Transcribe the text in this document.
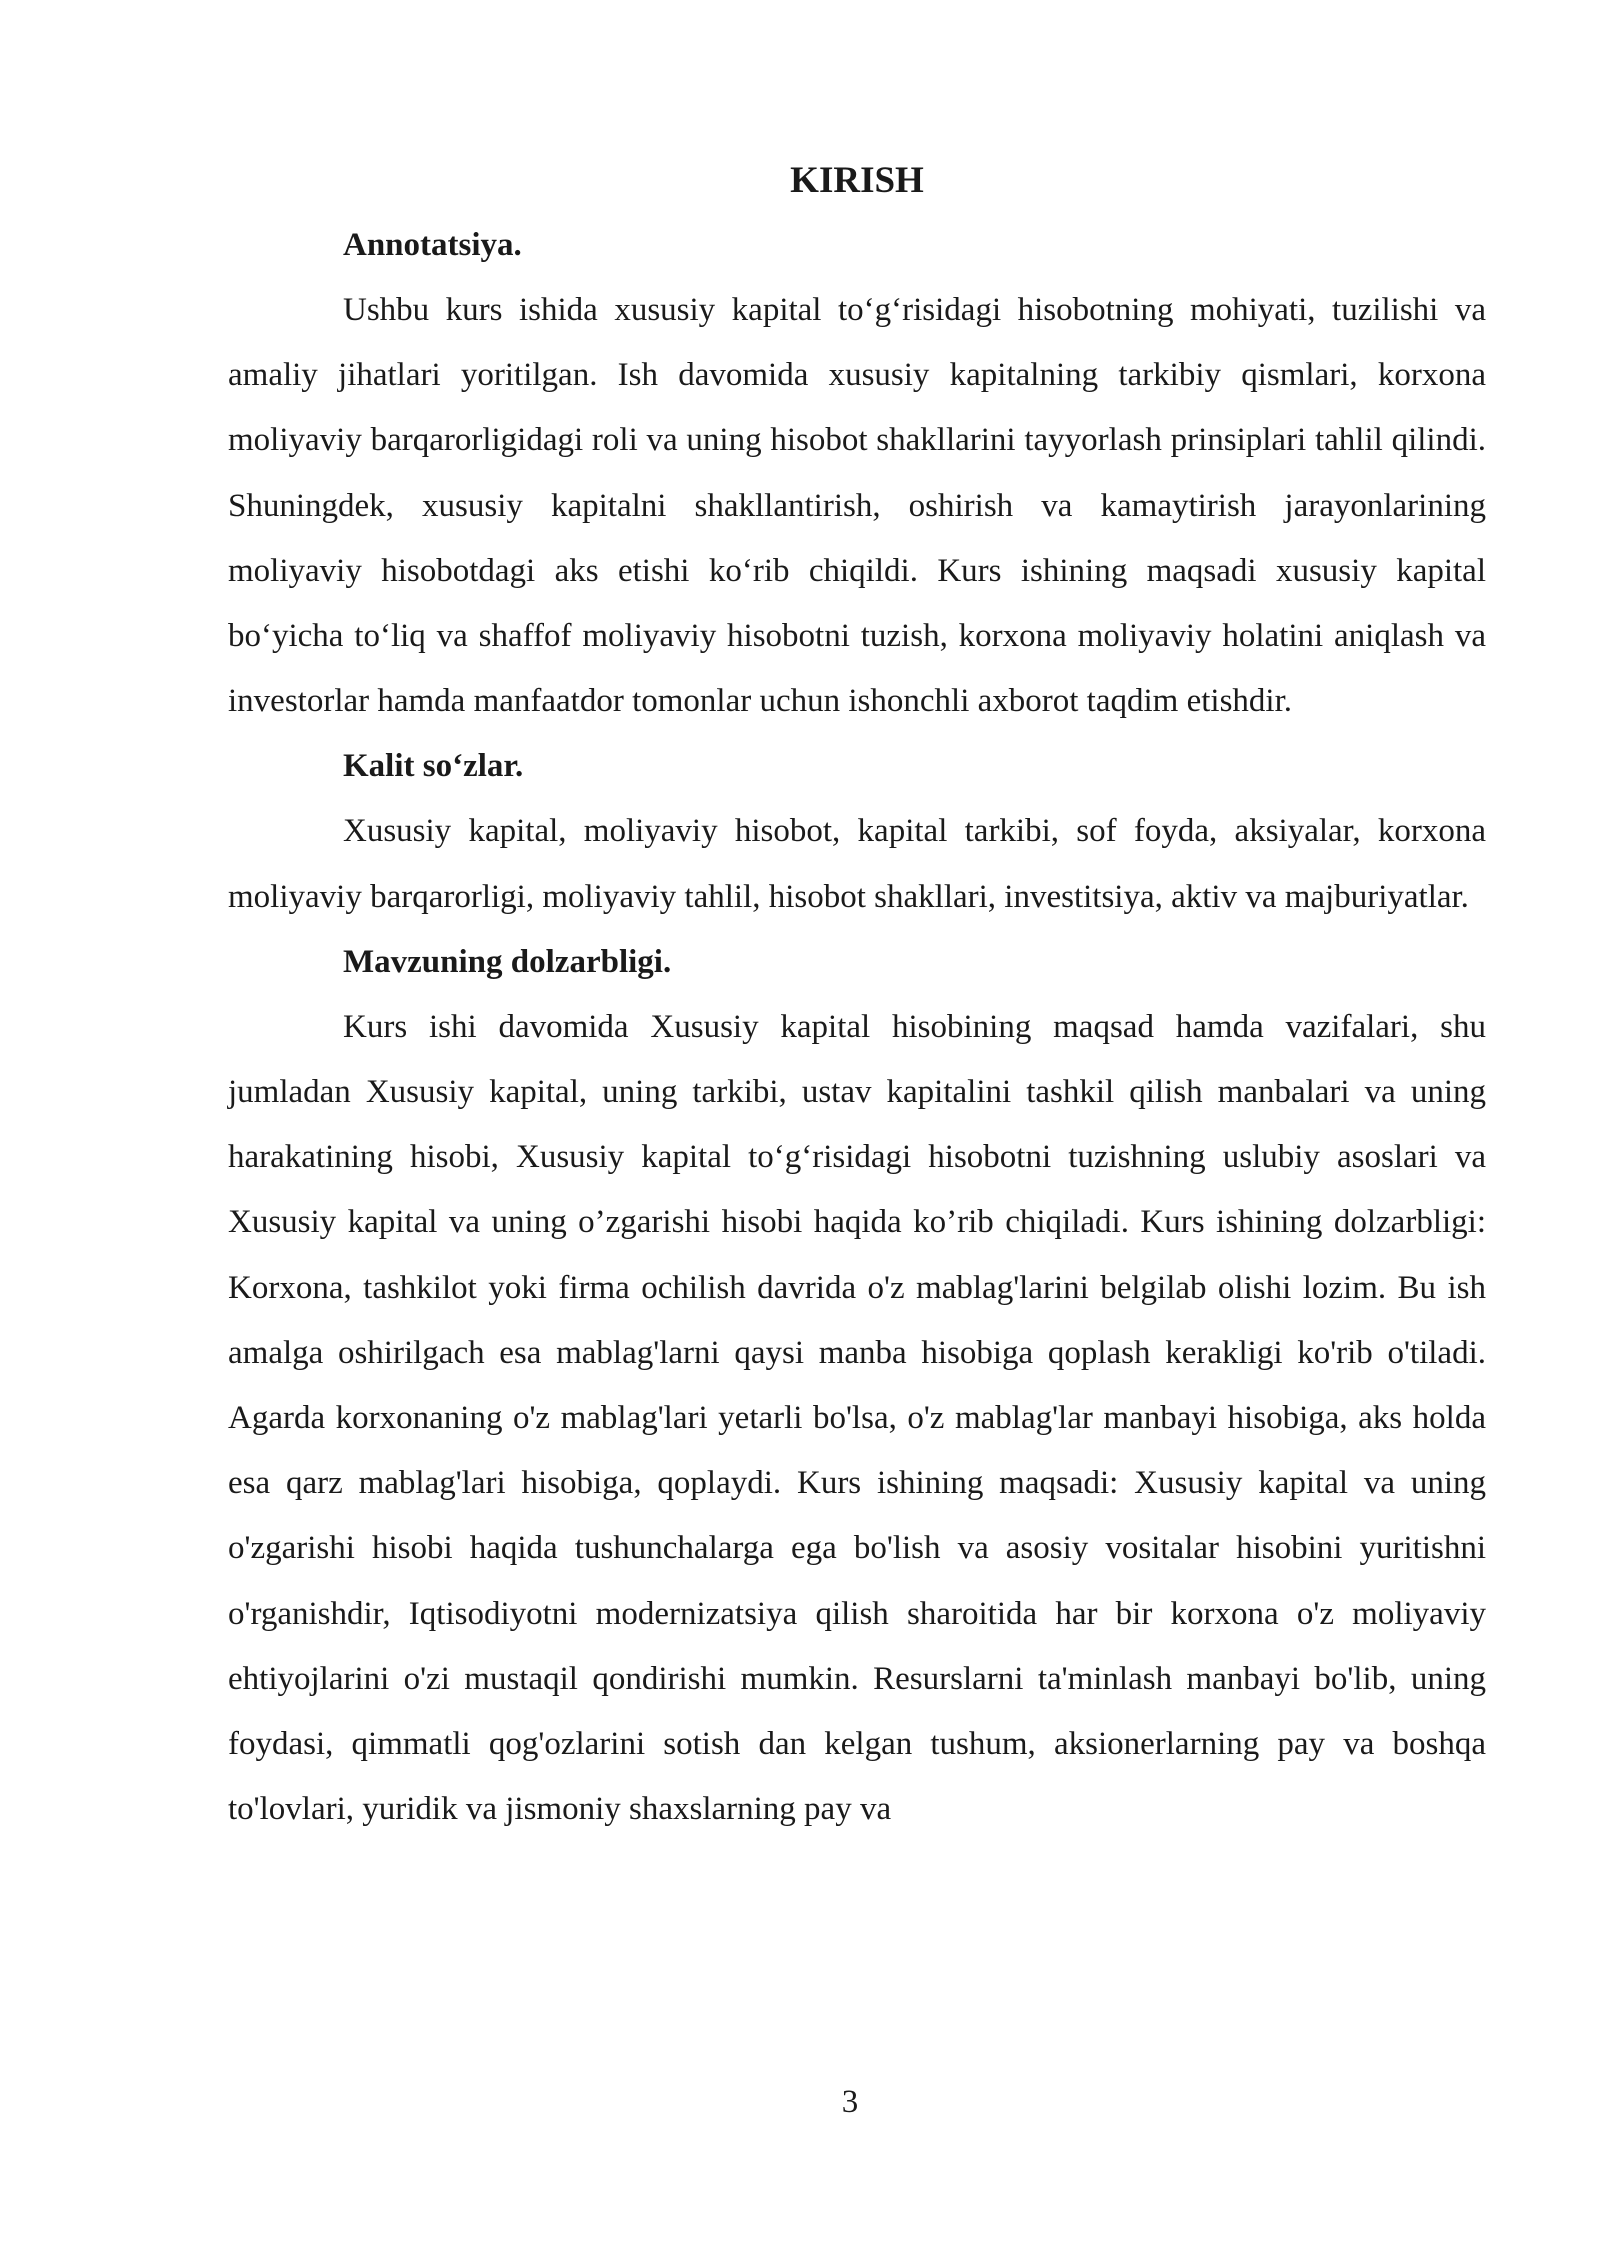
KIRISH

Annotatsiya.

Ushbu kurs ishida xususiy kapital to‘g‘risidagi hisobotning mohiyati, tuzilishi va amaliy jihatlari yoritilgan. Ish davomida xususiy kapitalning tarkibiy qismlari, korxona moliyaviy barqarorligidagi roli va uning hisobot shakllarini tayyorlash prinsiplari tahlil qilindi. Shuningdek, xususiy kapitalni shakllantirish, oshirish va kamaytirish jarayonlarining moliyaviy hisobotdagi aks etishi ko‘rib chiqildi. Kurs ishining maqsadi xususiy kapital bo‘yicha to‘liq va shaffof moliyaviy hisobotni tuzish, korxona moliyaviy holatini aniqlash va investorlar hamda manfaatdor tomonlar uchun ishonchli axborot taqdim etishdir.

Kalit so‘zlar.

Xususiy kapital, moliyaviy hisobot, kapital tarkibi, sof foyda, aksiyalar, korxona moliyaviy barqarorligi, moliyaviy tahlil, hisobot shakllari, investitsiya, aktiv va majburiyatlar.

Mavzuning dolzarbligi.

Kurs ishi davomida Xususiy kapital hisobining maqsad hamda vazifalari, shu jumladan Xususiy kapital, uning tarkibi, ustav kapitalini tashkil qilish manbalari va uning harakatining hisobi, Xususiy kapital to‘g‘risidagi hisobotni tuzishning uslubiy asoslari va Xususiy kapital va uning o’zgarishi hisobi haqida ko’rib chiqiladi. Kurs ishining dolzarbligi: Korxona, tashkilot yoki firma ochilish davrida o'z mablag'larini belgilab olishi lozim. Bu ish amalga oshirilgach esa mablag'larni qaysi manba hisobiga qoplash kerakligi ko'rib o'tiladi. Agarda korxonaning o'z mablag'lari yetarli bo'lsa, o'z mablag'lar manbayi hisobiga, aks holda esa qarz mablag'lari hisobiga, qoplaydi. Kurs ishining maqsadi: Xususiy kapital va uning o'zgarishi hisobi haqida tushunchalarga ega bo'lish va asosiy vositalar hisobini yuritishni o'rganishdir, Iqtisodiyotni modernizatsiya qilish sharoitida har bir korxona o'z moliyaviy ehtiyojlarini o'zi mustaqil qondirishi mumkin. Resurslarni ta'minlash manbayi bo'lib, uning foydasi, qimmatli qog'ozlarini sotish dan kelgan tushum, aksionerlarning pay va boshqa to'lovlari, yuridik va jismoniy shaxslarning pay va

3
